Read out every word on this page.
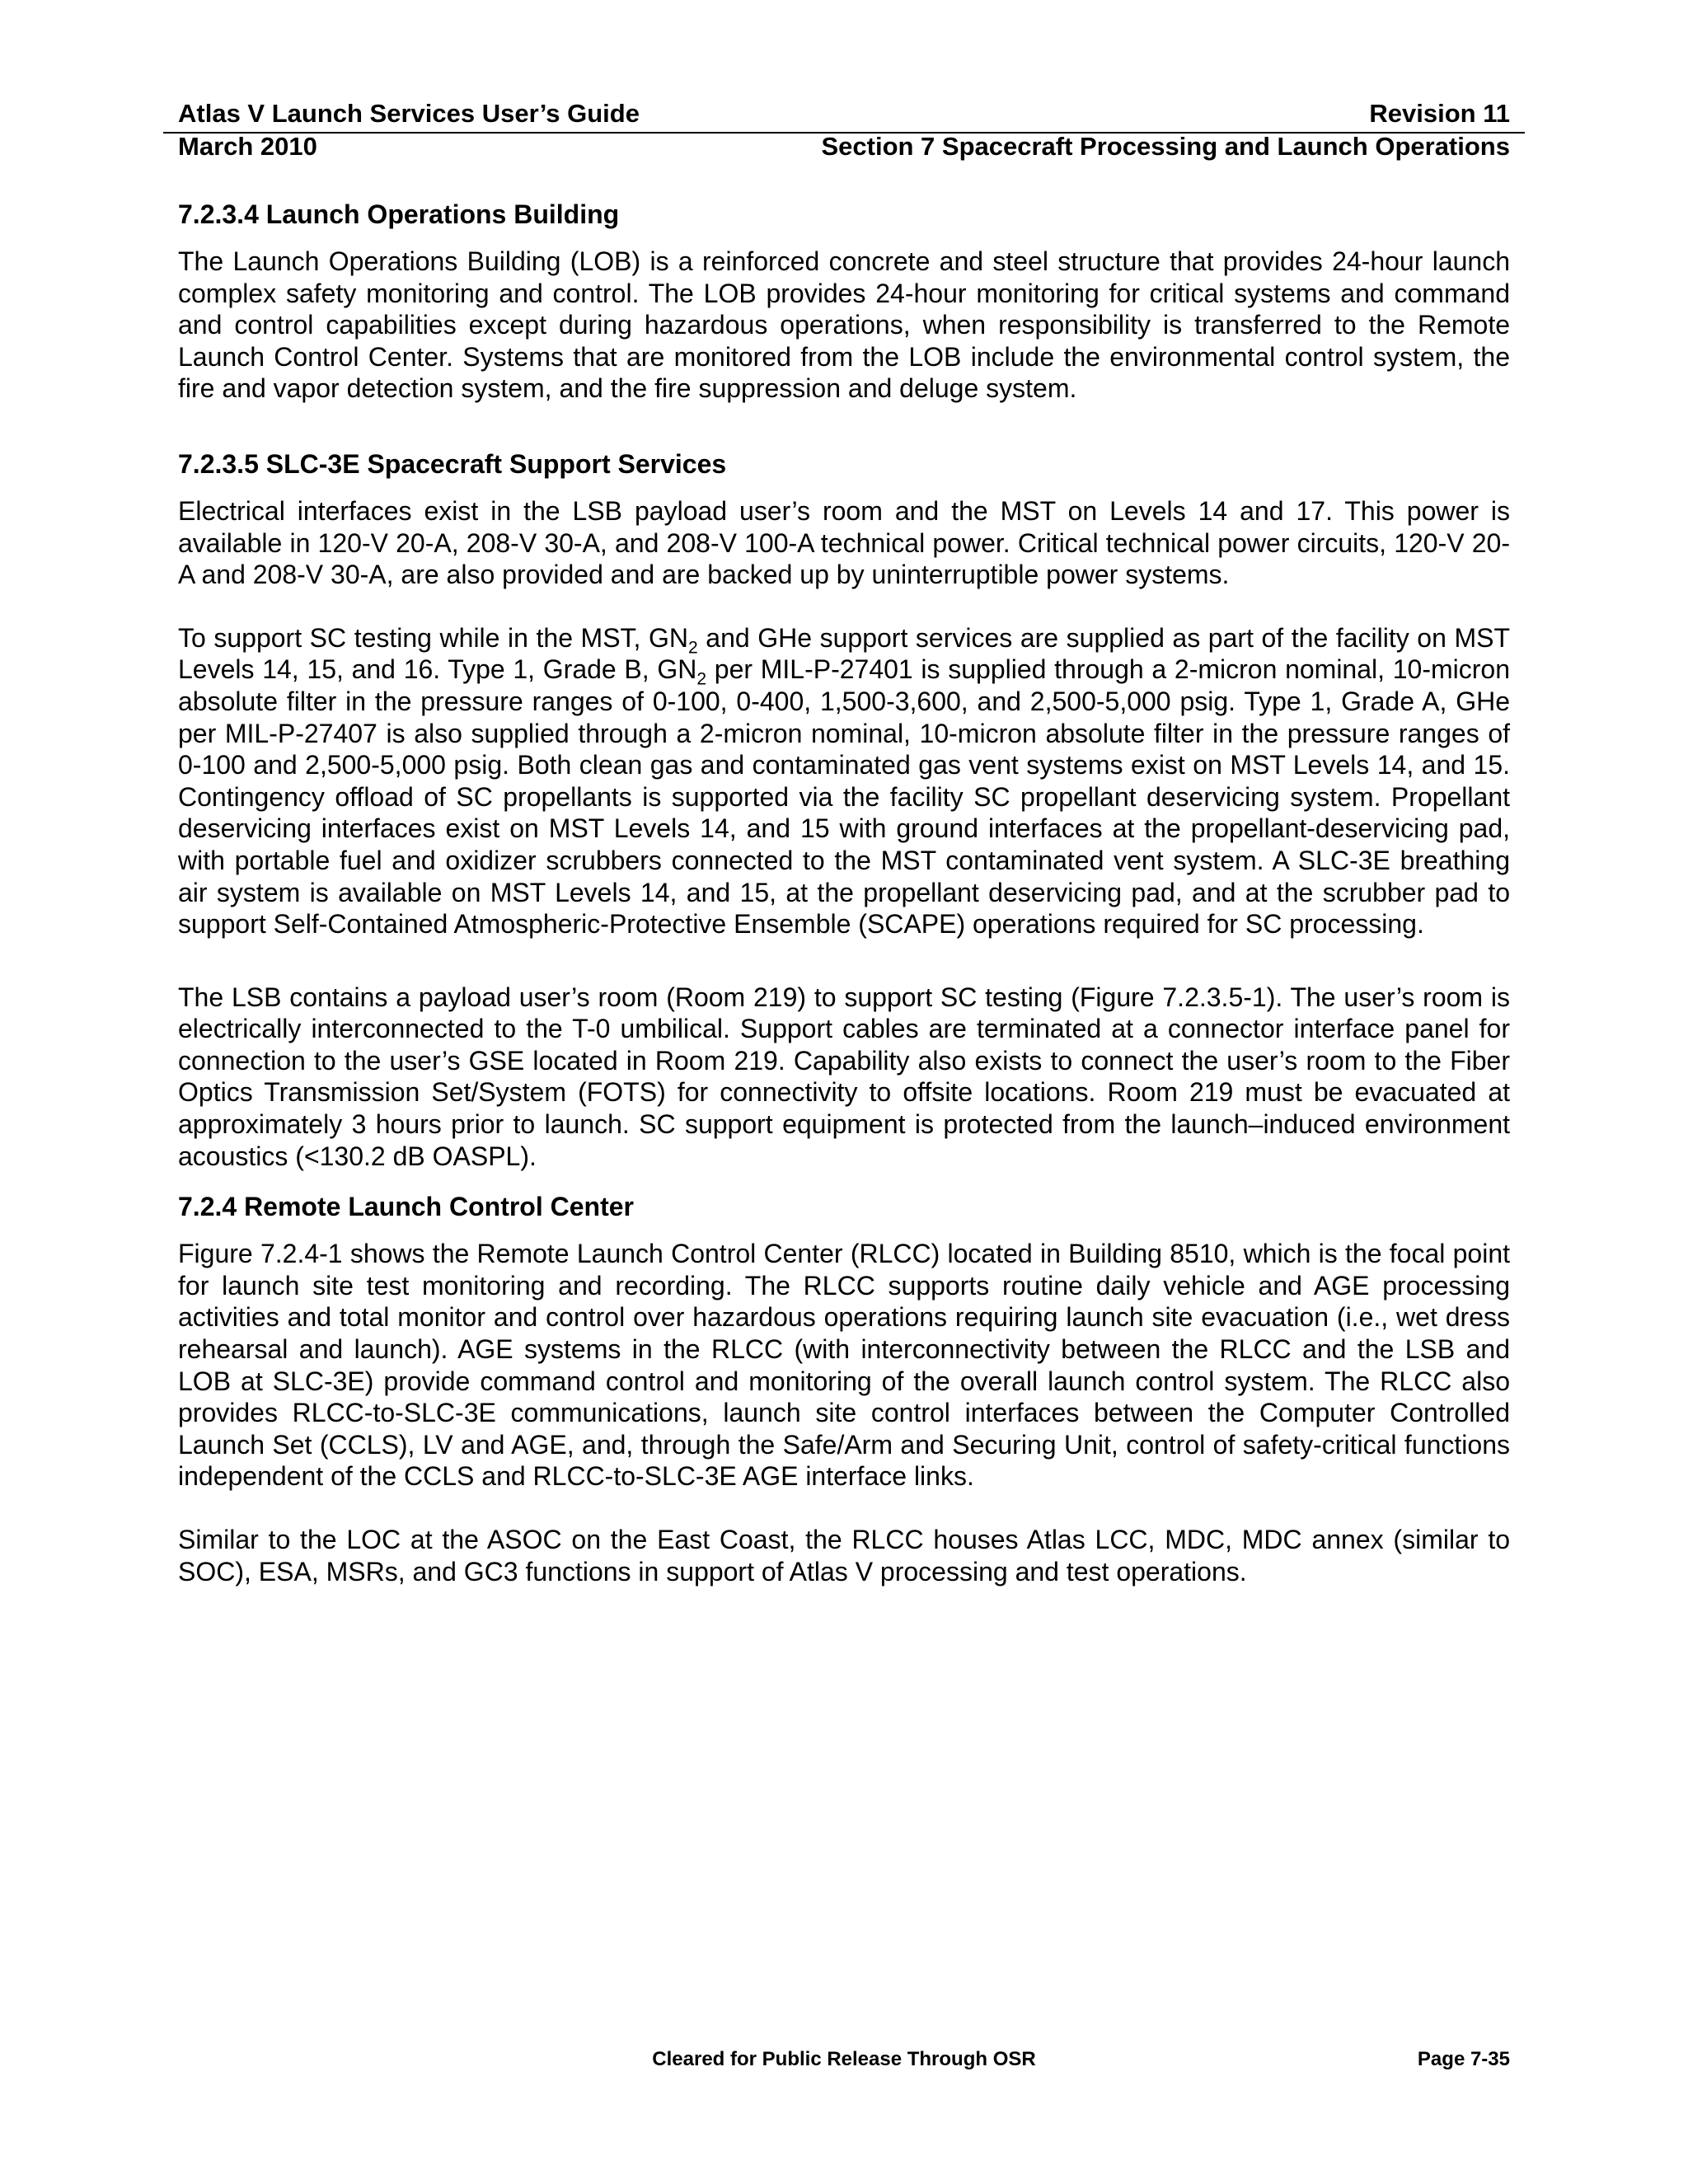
Atlas V Launch Services User’s Guide	Revision 11
March 2010	Section 7 Spacecraft Processing and Launch Operations
7.2.3.4 Launch Operations Building

The Launch Operations Building (LOB) is a reinforced concrete and steel structure that provides 24-hour launch complex safety monitoring and control. The LOB provides 24-hour monitoring for critical systems and command and control capabilities except during hazardous operations, when responsibility is transferred to the Remote Launch Control Center. Systems that are monitored from the LOB include the environmental control system, the fire and vapor detection system, and the fire suppression and deluge system.

7.2.3.5 SLC-3E Spacecraft Support Services

Electrical interfaces exist in the LSB payload user’s room and the MST on Levels 14 and 17. This power is available in 120-V 20-A, 208-V 30-A, and 208-V 100-A technical power. Critical technical power circuits, 120-V 20-A and 208-V 30-A, are also provided and are backed up by uninterruptible power systems.

To support SC testing while in the MST, $GN_2$ and GHe support services are supplied as part of the facility on MST Levels 14, 15, and 16. Type 1, Grade B, $GN_2$ per MIL-P-27401 is supplied through a 2-micron nominal, 10-micron absolute filter in the pressure ranges of 0-100, 0-400, 1,500-3,600, and 2,500-5,000 psig. Type 1, Grade A, GHe per MIL-P-27407 is also supplied through a 2-micron nominal, 10-micron absolute filter in the pressure ranges of 0-100 and 2,500-5,000 psig. Both clean gas and contaminated gas vent systems exist on MST Levels 14, and 15. Contingency offload of SC propellants is supported via the facility SC propellant deservicing system. Propellant deservicing interfaces exist on MST Levels 14, and 15 with ground interfaces at the propellant-deservicing pad, with portable fuel and oxidizer scrubbers connected to the MST contaminated vent system. A SLC-3E breathing air system is available on MST Levels 14, and 15, at the propellant deservicing pad, and at the scrubber pad to support Self-Contained Atmospheric-Protective Ensemble (SCAPE) operations required for SC processing.

The LSB contains a payload user’s room (Room 219) to support SC testing (Figure 7.2.3.5-1). The user’s room is electrically interconnected to the T-0 umbilical. Support cables are terminated at a connector interface panel for connection to the user’s GSE located in Room 219. Capability also exists to connect the user’s room to the Fiber Optics Transmission Set/System (FOTS) for connectivity to offsite locations. Room 219 must be evacuated at approximately 3 hours prior to launch. SC support equipment is protected from the launch–induced environment acoustics (<130.2 dB OASPL).

7.2.4 Remote Launch Control Center

Figure 7.2.4-1 shows the Remote Launch Control Center (RLCC) located in Building 8510, which is the focal point for launch site test monitoring and recording. The RLCC supports routine daily vehicle and AGE processing activities and total monitor and control over hazardous operations requiring launch site evacuation (i.e., wet dress rehearsal and launch). AGE systems in the RLCC (with interconnectivity between the RLCC and the LSB and LOB at SLC-3E) provide command control and monitoring of the overall launch control system. The RLCC also provides RLCC-to-SLC-3E communications, launch site control interfaces between the Computer Controlled Launch Set (CCLS), LV and AGE, and, through the Safe/Arm and Securing Unit, control of safety-critical functions independent of the CCLS and RLCC-to-SLC-3E AGE interface links.

Similar to the LOC at the ASOC on the East Coast, the RLCC houses Atlas LCC, MDC, MDC annex (similar to SOC), ESA, MSRs, and GC3 functions in support of Atlas V processing and test operations.

Cleared for Public Release Through OSR	Page 7-35
